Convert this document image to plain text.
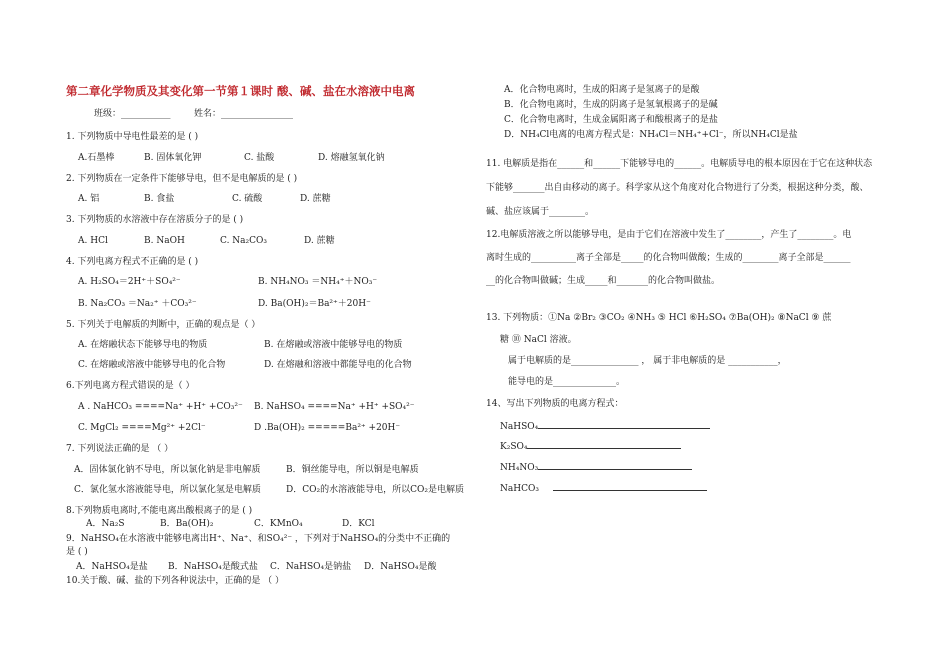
第二章化学物质及其变化第一节第１课时 酸、碱、盐在水溶液中电离
班级：___________	姓名：________________
1. 下列物质中导电性最差的是 ( )
A.石墨棒	B. 固体氧化钾	C. 盐酸	D. 熔融氢氧化钠
2. 下列物质在一定条件下能够导电，但不是电解质的是 ( )
A. 铝	B. 食盐	C. 硫酸	D. 蔗糖
3. 下列物质的水溶液中存在溶质分子的是 ( )
A. HCl	B. NaOH	C. Na₂CO₃	D. 蔗糖
4. 下列电离方程式不正确的是 ( )
A. H₂SO₄＝2H⁺＋SO₄²⁻	B. NH₄NO₃ ＝NH₄⁺＋NO₃⁻
B. Na₂CO₃ ＝Na₂⁺ ＋CO₃²⁻	D. Ba(OH)₂＝Ba²⁺＋20H⁻
5. 下列关于电解质的判断中，正确的观点是（ ）
A. 在熔融状态下能够导电的物质	B. 在熔融或溶液中能够导电的物质
C. 在熔融或溶液中能够导电的化合物	D. 在熔融和溶液中都能导电的化合物
6.下列电离方程式错误的是（ ）
A . NaHCO₃ ====Na⁺ +H⁺ +CO₃²⁻ B. NaHSO₄ ====Na⁺ +H⁺ +SO₄²⁻
C. MgCl₂ ====Mg²⁺ +2Cl⁻	D .Ba(OH)₂ =====Ba²⁺ +20H⁻
7. 下列说法正确的是 （ ）
A．固体氯化钠不导电，所以氯化钠是非电解质	B．铜丝能导电，所以铜是电解质
C．氯化氢水溶液能导电，所以氯化氢是电解质	D．CO₂的水溶液能导电，所以CO₂是电解质
8.下列物质电离时,不能电离出酸根离子的是 ( )
A．Na₂S	B．Ba(OH)₂	C．KMnO₄	D．KCl
9．NaHSO₄在水溶液中能够电离出H⁺、Na⁺、和SO₄²⁻ ，下列对于NaHSO₄的分类中不正确的
是 ( )
A．NaHSO₄是盐 B．NaHSO₄是酸式盐 C．NaHSO₄是钠盐 D．NaHSO₄是酸
10.关于酸、碱、盐的下列各种说法中，正确的是 （ ）
A．化合物电离时，生成的阳离子是氢离子的是酸
B．化合物电离时，生成的阴离子是氢氧根离子的是碱
C．化合物电离时，生成金属阳离子和酸根离子的是盐
D．NH₄Cl电离的电离方程式是：NH₄Cl＝NH₄⁺+Cl⁻，所以NH₄Cl是盐
11. 电解质是指在______和______下能够导电的______。电解质导电的根本原因在于它在这种状态
下能够_______出自由移动的离子。科学家从这个角度对化合物进行了分类，根据这种分类，酸、
碱、盐应该属于________。
12.电解质溶液之所以能够导电，是由于它们在溶液中发生了________，产生了________。电
离时生成的__________离子全部是_____的化合物叫做酸；生成的________离子全部是______
__的化合物叫做碱；生成_____和_______的化合物叫做盐。
13. 下列物质：①Na ②Br₂ ③CO₂ ④NH₃ ⑤ HCl ⑥H₂SO₄ ⑦Ba(OH)₂ ⑧NaCl ⑨ 蔗
糖 ⑩ NaCl 溶液。
属于电解质的是_______________ ， 属于非电解质的是 ___________，
能导电的是______________。
14、写出下列物质的电离方程式：
NaHSO₄
K₂SO₄
NH₄NO₃
NaHCO₃
